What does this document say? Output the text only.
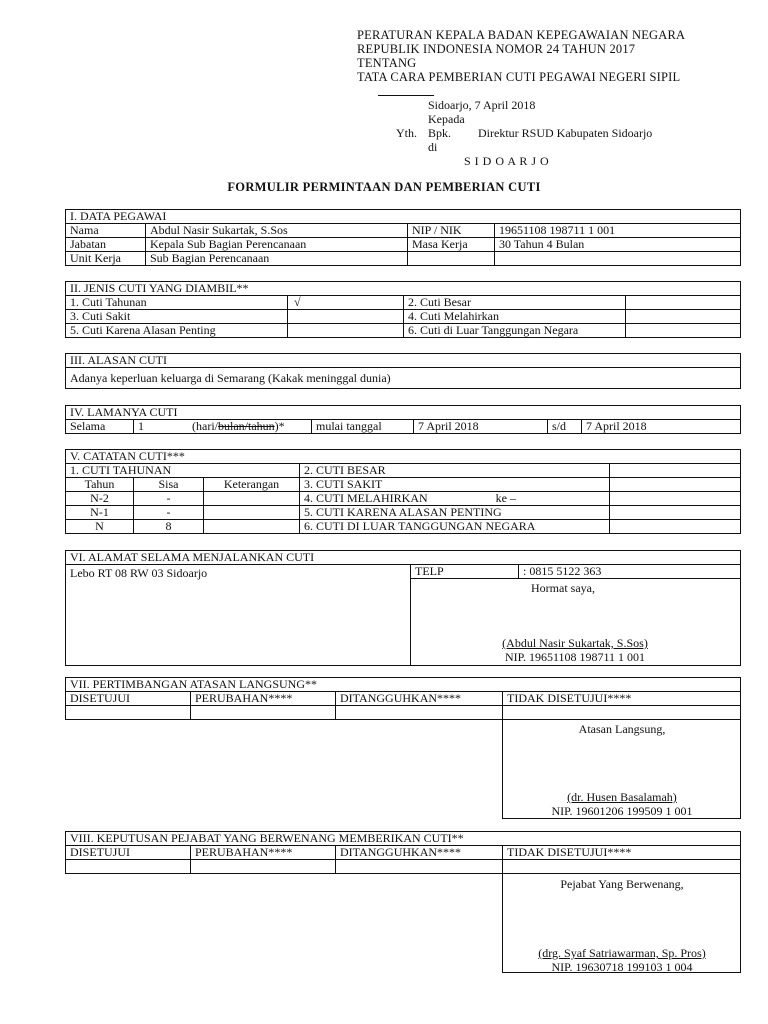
PERATURAN KEPALA BADAN KEPEGAWAIAN NEGARA
REPUBLIK INDONESIA NOMOR 24 TAHUN 2017
TENTANG
TATA CARA PEMBERIAN CUTI PEGAWAI NEGERI SIPIL
Sidoarjo, 7 April 2018
Kepada
Yth. Bpk. Direktur RSUD Kabupaten Sidoarjo
di
S I D O A R J O
FORMULIR PERMINTAAN DAN PEMBERIAN CUTI
I. DATA PEGAWAI			
Nama	Abdul Nasir Sukartak, S.Sos	NIP / NIK	19651108 198711 1 001
Jabatan	Kepala Sub Bagian Perencanaan	Masa Kerja	30 Tahun 4 Bulan
Unit Kerja	Sub Bagian Perencanaan		
II. JENIS CUTI YANG DIAMBIL**			
1. Cuti Tahunan	√	2. Cuti Besar	
3. Cuti Sakit		4. Cuti Melahirkan	
5. Cuti Karena Alasan Penting		6. Cuti di Luar Tanggungan Negara	
III. ALASAN CUTI
Adanya keperluan keluarga di Semarang (Kakak meninggal dunia)
IV. LAMANYA CUTI
Selama	1	(hari/bulan/tahun)*	mulai tanggal	7 April 2018	s/d	7 April 2018
V. CATATAN CUTI***				
1. CUTI TAHUNAN			2. CUTI BESAR	
Tahun	Sisa	Keterangan	3. CUTI SAKIT	
N-2	-		4. CUTI MELAHIRKAN ke –	
N-1	-		5. CUTI KARENA ALASAN PENTING	
N	8		6. CUTI DI LUAR TANGGUNGAN NEGARA	
VI. ALAMAT SELAMA MENJALANKAN CUTI
Lebo RT 08 RW 03 Sidoarjo	TELP	: 0815 5122 363

Hormat saya,
(Abdul Nasir Sukartak, S.Sos)
NIP. 19651108 198711 1 001
VII. PERTIMBANGAN ATASAN LANGSUNG**			
DISETUJUI	PERUBAHAN****	DITANGGUHKAN****	TIDAK DISETUJUI****

Atasan Langsung,
(dr. Husen Basalamah)
NIP. 19601206 199509 1 001
VIII. KEPUTUSAN PEJABAT YANG BERWENANG MEMBERIKAN CUTI**			
DISETUJUI	PERUBAHAN****	DITANGGUHKAN****	TIDAK DISETUJUI****

Pejabat Yang Berwenang,
(drg. Syaf Satriawarman, Sp. Pros)
NIP. 19630718 199103 1 004
